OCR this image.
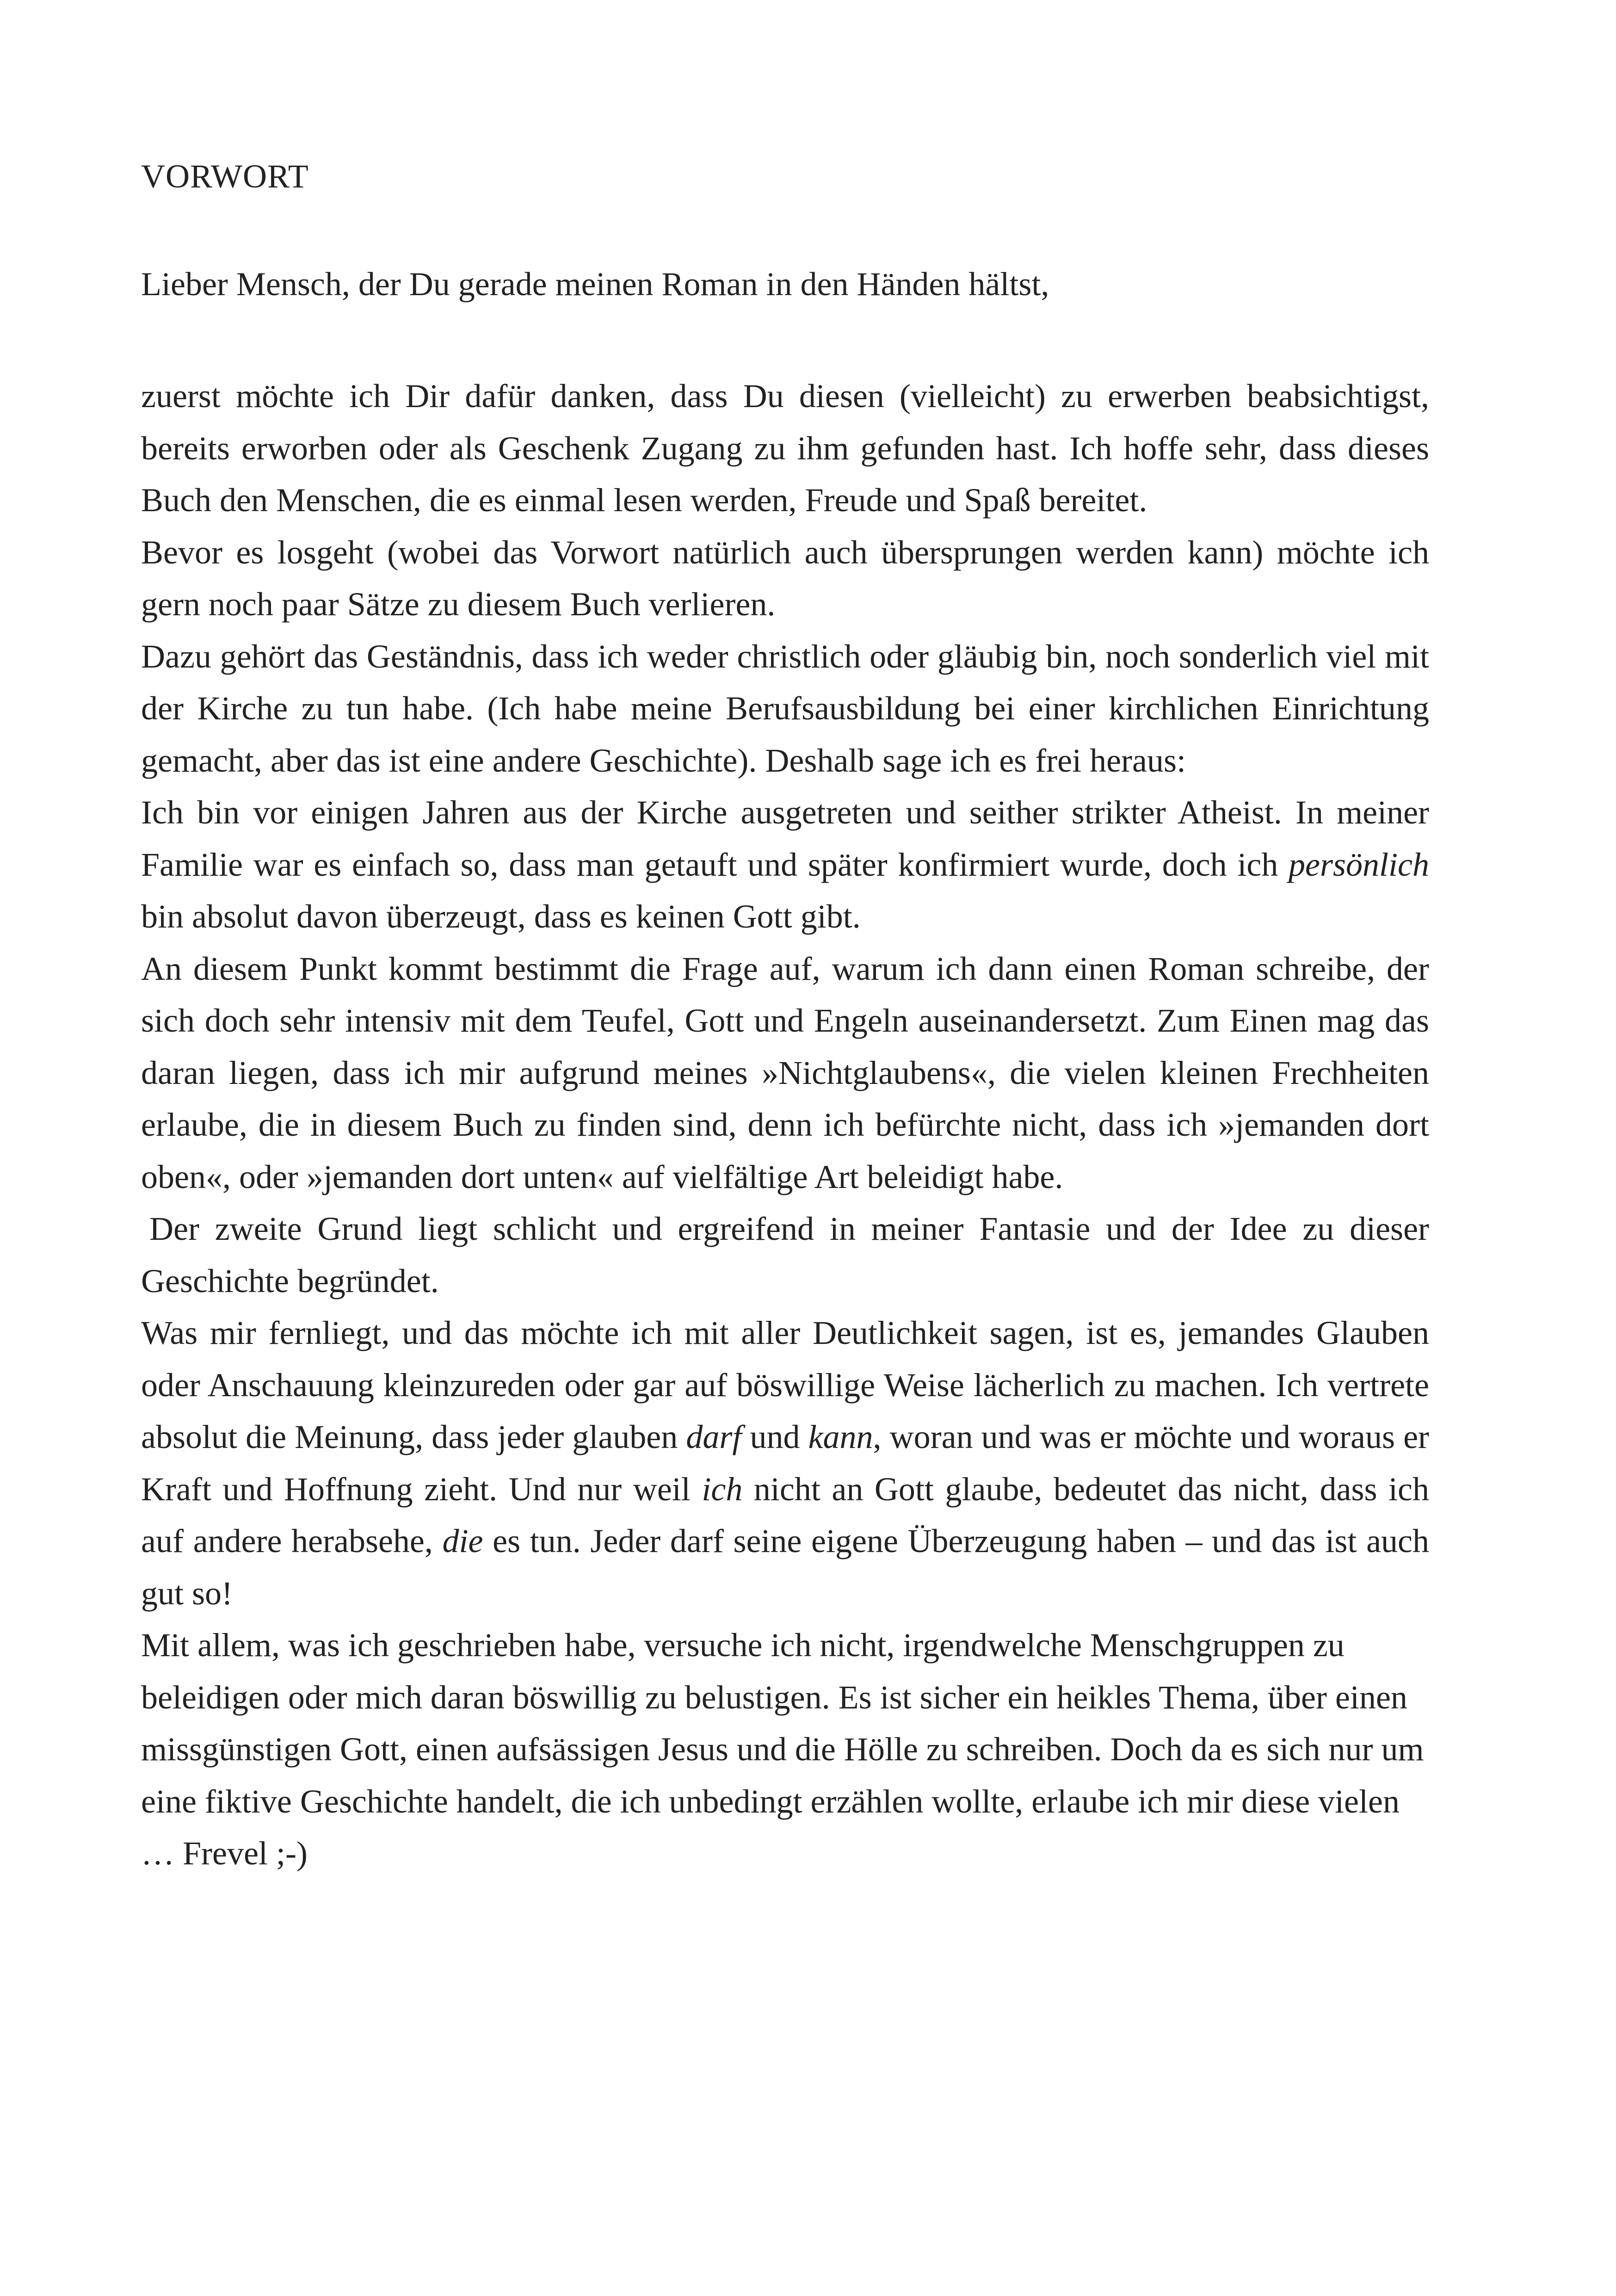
VORWORT

Lieber Mensch, der Du gerade meinen Roman in den Händen hältst,

zuerst möchte ich Dir dafür danken, dass Du diesen (vielleicht) zu erwerben beabsichtigst, bereits erworben oder als Geschenk Zugang zu ihm gefunden hast. Ich hoffe sehr, dass dieses Buch den Menschen, die es einmal lesen werden, Freude und Spaß bereitet.

Bevor es losgeht (wobei das Vorwort natürlich auch übersprungen werden kann) möchte ich gern noch paar Sätze zu diesem Buch verlieren.

Dazu gehört das Geständnis, dass ich weder christlich oder gläubig bin, noch sonderlich viel mit der Kirche zu tun habe. (Ich habe meine Berufsausbildung bei einer kirchlichen Einrichtung gemacht, aber das ist eine andere Geschichte). Deshalb sage ich es frei heraus:

Ich bin vor einigen Jahren aus der Kirche ausgetreten und seither strikter Atheist. In meiner Familie war es einfach so, dass man getauft und später konfirmiert wurde, doch ich persönlich bin absolut davon überzeugt, dass es keinen Gott gibt.

An diesem Punkt kommt bestimmt die Frage auf, warum ich dann einen Roman schreibe, der sich doch sehr intensiv mit dem Teufel, Gott und Engeln auseinandersetzt. Zum Einen mag das daran liegen, dass ich mir aufgrund meines »Nichtglaubens«, die vielen kleinen Frechheiten erlaube, die in diesem Buch zu finden sind, denn ich befürchte nicht, dass ich »jemanden dort oben«, oder »jemanden dort unten« auf vielfältige Art beleidigt habe.

Der zweite Grund liegt schlicht und ergreifend in meiner Fantasie und der Idee zu dieser Geschichte begründet.

Was mir fernliegt, und das möchte ich mit aller Deutlichkeit sagen, ist es, jemandes Glauben oder Anschauung kleinzureden oder gar auf böswillige Weise lächerlich zu machen. Ich vertrete absolut die Meinung, dass jeder glauben darf und kann, woran und was er möchte und woraus er Kraft und Hoffnung zieht. Und nur weil ich nicht an Gott glaube, bedeutet das nicht, dass ich auf andere herabsehe, die es tun. Jeder darf seine eigene Überzeugung haben – und das ist auch gut so!

Mit allem, was ich geschrieben habe, versuche ich nicht, irgendwelche Menschgruppen zu beleidigen oder mich daran böswillig zu belustigen. Es ist sicher ein heikles Thema, über einen missgünstigen Gott, einen aufsässigen Jesus und die Hölle zu schreiben. Doch da es sich nur um eine fiktive Geschichte handelt, die ich unbedingt erzählen wollte, erlaube ich mir diese vielen … Frevel ;-)
